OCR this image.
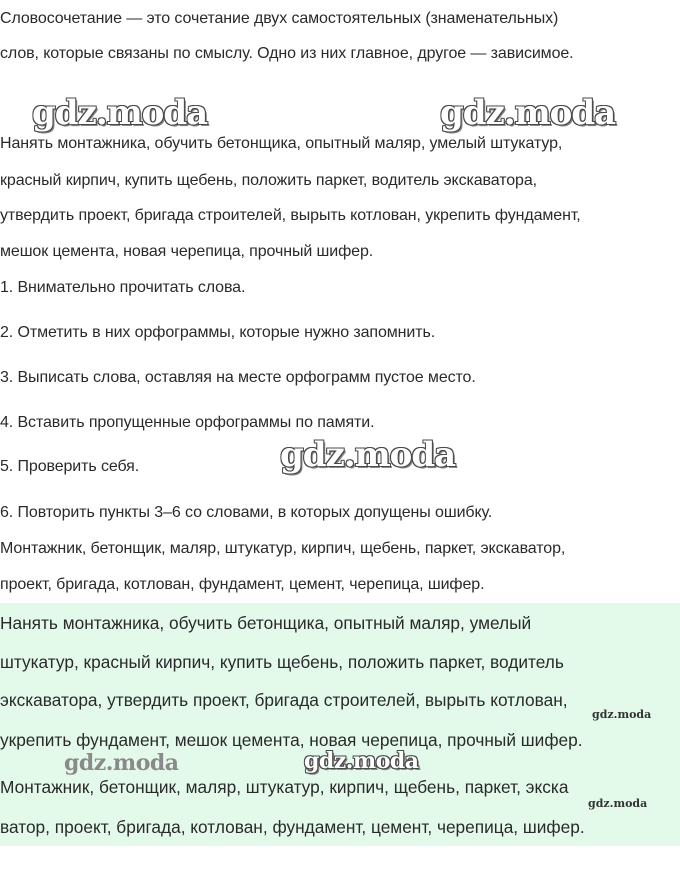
Словосочетание — это сочетание двух самостоятельных (знаменательных)
слов, которые связаны по смыслу. Одно из них главное, другое — зависимое.
gdz.moda	gdz.moda
Нанять монтажника, обучить бетонщика, опытный маляр, умелый штукатур,
красный кирпич, купить щебень, положить паркет, водитель экскаватора,
утвердить проект, бригада строителей, вырыть котлован, укрепить фундамент,
мешок цемента, новая черепица, прочный шифер.
1. Внимательно прочитать слова.
2. Отметить в них орфограммы, которые нужно запомнить.
3. Выписать слова, оставляя на месте орфограмм пустое место.
4. Вставить пропущенные орфограммы по памяти.
5. Проверить себя.	gdz.moda
6. Повторить пункты 3–6 со словами, в которых допущены ошибку.
Монтажник, бетонщик, маляр, штукатур, кирпич, щебень, паркет, экскаватор,
проект, бригада, котлован, фундамент, цемент, черепица, шифер.
Нанять монтажника, обучить бетонщика, опытный маляр, умелый
штукатур, красный кирпич, купить щебень, положить паркет, водитель
экскаватора, утвердить проект, бригада строителей, вырыть котлован,
укрепить фундамент, мешок цемента, новая черепица, прочный шифер.
Монтажник, бетонщик, маляр, штукатур, кирпич, щебень, паркет, экска
ватор, проект, бригада, котлован, фундамент, цемент, черепица, шифер.
gdz.moda
gdz.moda	gdz.moda
gdz.moda
